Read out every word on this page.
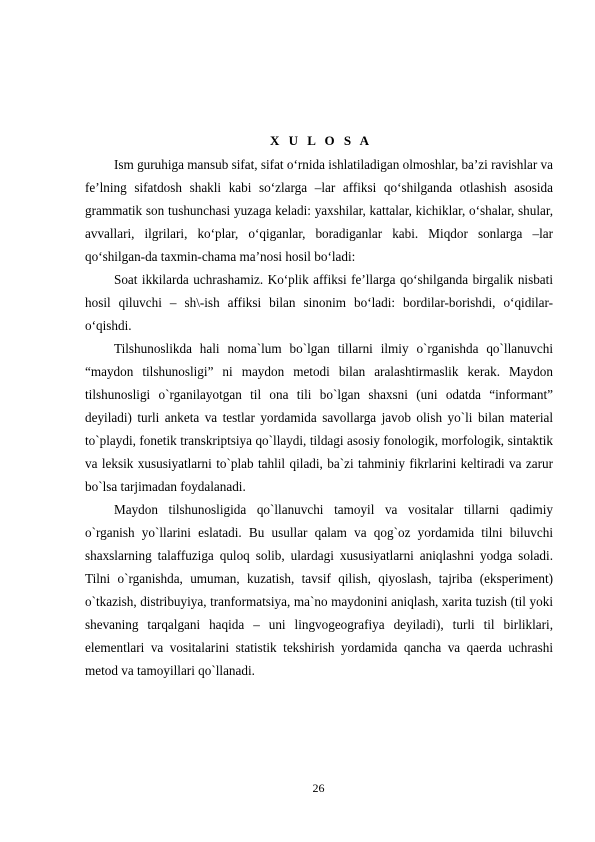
X U L O S A

Ism guruhiga mansub sifat, sifat oʻrnida ishlatiladigan olmoshlar, ba’zi ravishlar va fe’lning sifatdosh shakli kabi soʻzlarga –lar affiksi qoʻshilganda otlashish asosida grammatik son tushunchasi yuzaga keladi: yaxshilar, kattalar, kichiklar, oʻshalar, shular, avvallari, ilgrilari, koʻplar, oʻqiganlar, boradiganlar kabi. Miqdor sonlarga –lar qoʻshilgan-da taxmin-chama ma’nosi hosil boʻladi:

Soat ikkilarda uchrashamiz. Koʻplik affiksi fe’llarga qoʻshilganda birgalik nisbati hosil qiluvchi – sh\-ish affiksi bilan sinonim boʻladi: bordilar-borishdi, oʻqidilar-oʻqishdi.

Tilshunoslikda hali noma`lum bo`lgan tillarni ilmiy o`rganishda qo`llanuvchi “maydon tilshunosligi” ni maydon metodi bilan aralashtirmaslik kerak. Maydon tilshunosligi o`rganilayotgan til ona tili bo`lgan shaxsni (uni odatda “informant” deyiladi) turli anketa va testlar yordamida savollarga javob olish yo`li bilan material to`playdi, fonetik transkriptsiya qo`llaydi, tildagi asosiy fonologik, morfologik, sintaktik va leksik xususiyatlarni to`plab tahlil qiladi, ba`zi tahminiy fikrlarini keltiradi va zarur bo`lsa tarjimadan foydalanadi.

Maydon tilshunosligida qo`llanuvchi tamoyil va vositalar tillarni qadimiy o`rganish yo`llarini eslatadi. Bu usullar qalam va qog`oz yordamida tilni biluvchi shaxslarning talaffuziga quloq solib, ulardagi xususiyatlarni aniqlashni yodga soladi. Tilni o`rganishda, umuman, kuzatish, tavsif qilish, qiyoslash, tajriba (eksperiment) o`tkazish, distribuyiya, tranformatsiya, ma`no maydonini aniqlash, xarita tuzish (til yoki shevaning tarqalgani haqida – uni lingvogeografiya deyiladi), turli til birliklari, elementlari va vositalarini statistik tekshirish yordamida qancha va qaerda uchrashi metod va tamoyillari qo`llanadi.

26
